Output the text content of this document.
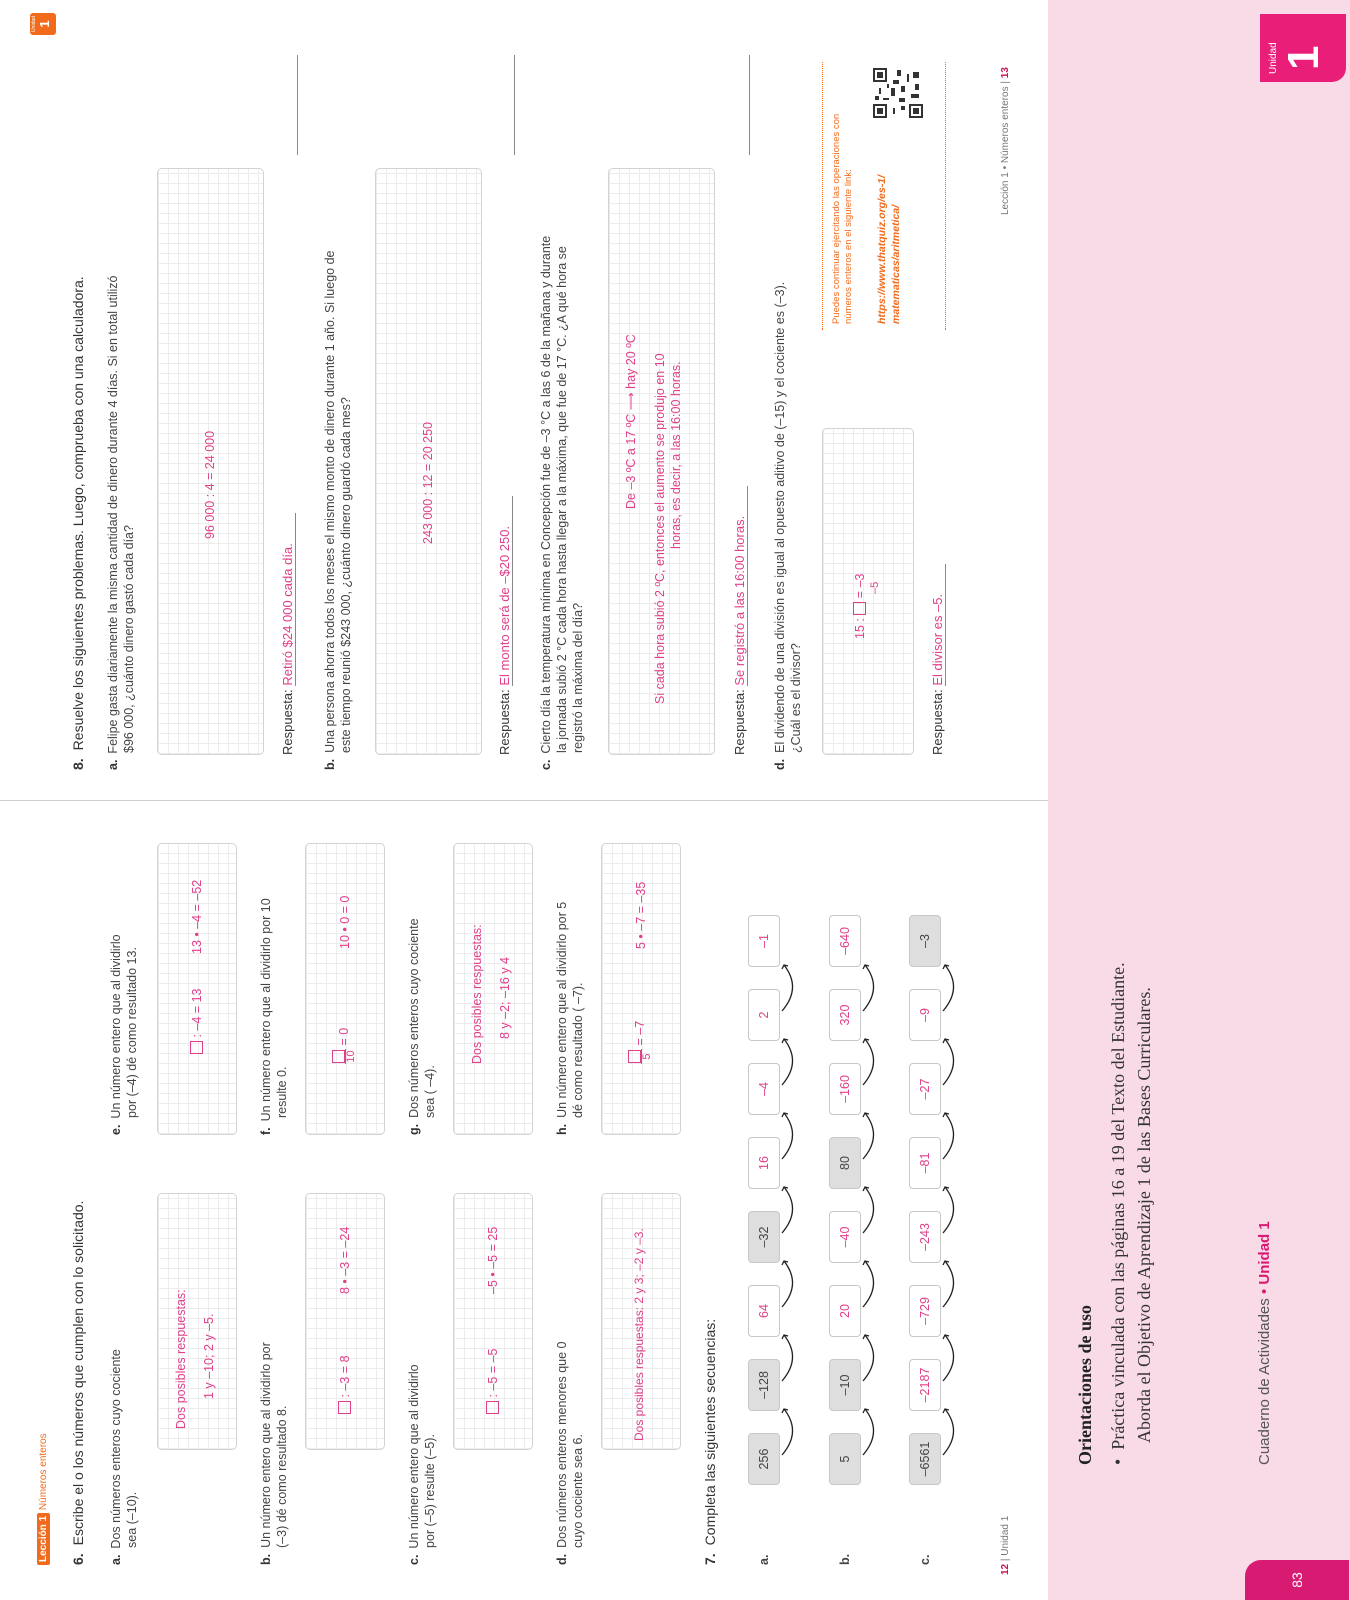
Lección 1 Números enteros
6.Escribe el o los números que cumplen con lo solicitado.
a.Dos números enteros cuyo cociente sea (–10).
Dos posibles respuestas: 1 y –10; 2 y –5.
b.Un número entero que al dividirlo por (–3) dé como resultado 8.
: –3 = 8
8 • –3 = –24
c.Un número entero que al dividirlo por (–5) resulte (–5).
: –5 = –5
–5 • –5 = 25
d.Dos números enteros menores que 0 cuyo cociente sea 6.
Dos posibles respuestas: 2 y 3; –2 y –3.
e.Un número entero que al dividirlo por (–4) dé como resultado 13.	: –4 = 13
13 • –4 = –52
f.Un número entero que al dividirlo por 10 resulte 0.
10
= 0
10 • 0 = 0
g.Dos números enteros cuyo cociente sea ( –4).
Dos posibles respuestas: 8 y –2; –16 y 4
h.Un número entero que al dividirlo por 5 dé como resultado ( –7).	5
= –7
5 • –7 = –35
7.Completa las siguientes secuencias:
a.
256
–128
64
–32
16
–4
2
–1
b.
5
–10
20
–40
80
–160
320
–640
c.
–6561
–2187
–729
–243
–81
–27
–9
–3
12 | Unidad 1
8.Resuelve los siguientes problemas. Luego, comprueba con una calculadora.
a.Felipe gasta diariamente la misma cantidad de dinero durante 4 días. Si en total utilizó $96 000, ¿cuánto dinero gastó cada día?
96 000 : 4 = 24 000
Respuesta: Retiró $24 000 cada día.
b.Una persona ahorra todos los meses el mismo monto de dinero durante 1 año. Si luego de este tiempo reunió $243 000, ¿cuánto dinero guardó cada mes?	243 000 : 12 = 20 250
Respuesta: El monto será de –$20 250.
c.Cierto día la temperatura mínima en Concepción fue de –3 °C a las 6 de la mañana y durante la jornada subió 2 °C cada hora hasta llegar a la máxima, que fue de 17 °C. ¿A qué hora se registró la máxima del día?
De –3 ºC a 17 ºC ⟶ hay 20 ºC Si cada hora subió 2 ºC, entonces el aumento se produjo en 10 horas, es decir, a las 16:00 horas.
Respuesta: Se registró a las 16:00 horas.
d.El dividendo de una división es igual al opuesto aditivo de (–15) y el cociente es (–3). ¿Cuál es el divisor?
15 :  = –3 –5
Respuesta: El divisor es –5.
Puedes continuar ejercitando las operaciones con
números enteros en el siguiente link: https://www.thatquiz.org/es-1/ matematicas/aritmetica/
Unidad 1
Lección 1 • Números enteros | 13
Orientaciones de uso •  Práctica vinculada con las páginas 16 a 19 del Texto del Estudiante. Aborda el Objetivo de Aprendizaje 1 de las Bases Curriculares.	Cuaderno de Actividades • Unidad 1
83
Unidad 1
